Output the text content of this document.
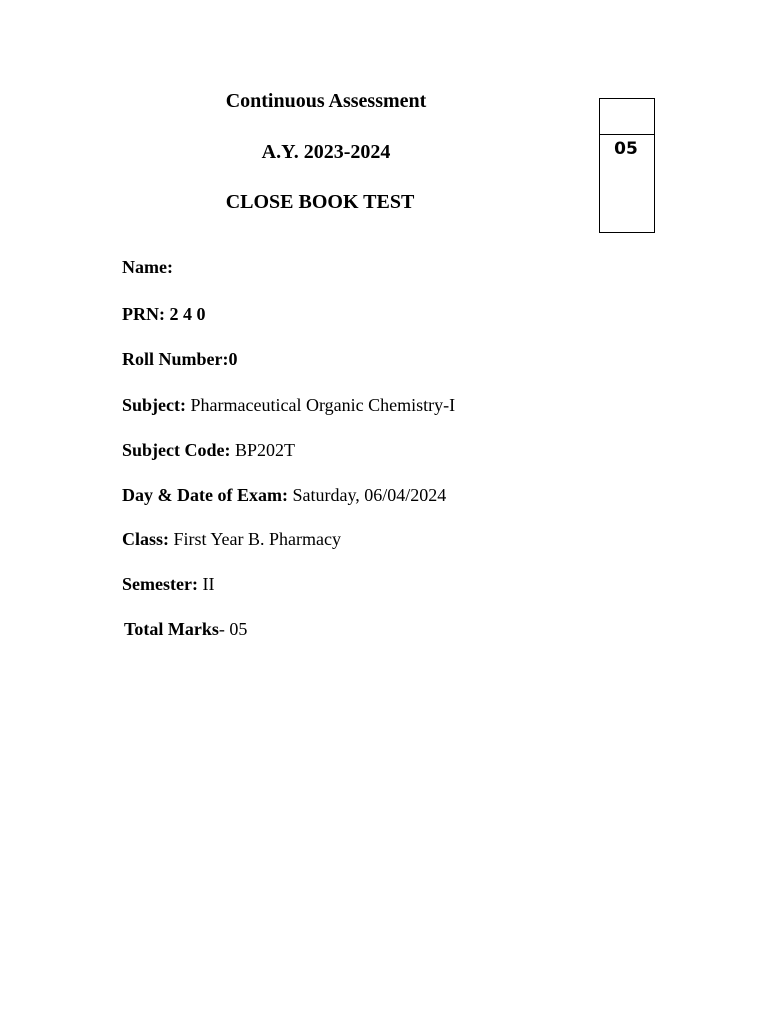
Continuous Assessment
A.Y. 2023-2024
CLOSE BOOK TEST
05
Name:
PRN: 2 4 0
Roll Number:0
Subject: Pharmaceutical Organic Chemistry-I
Subject Code: BP202T
Day & Date of Exam: Saturday, 06/04/2024
Class: First Year B. Pharmacy
Semester: II
Total Marks- 05
